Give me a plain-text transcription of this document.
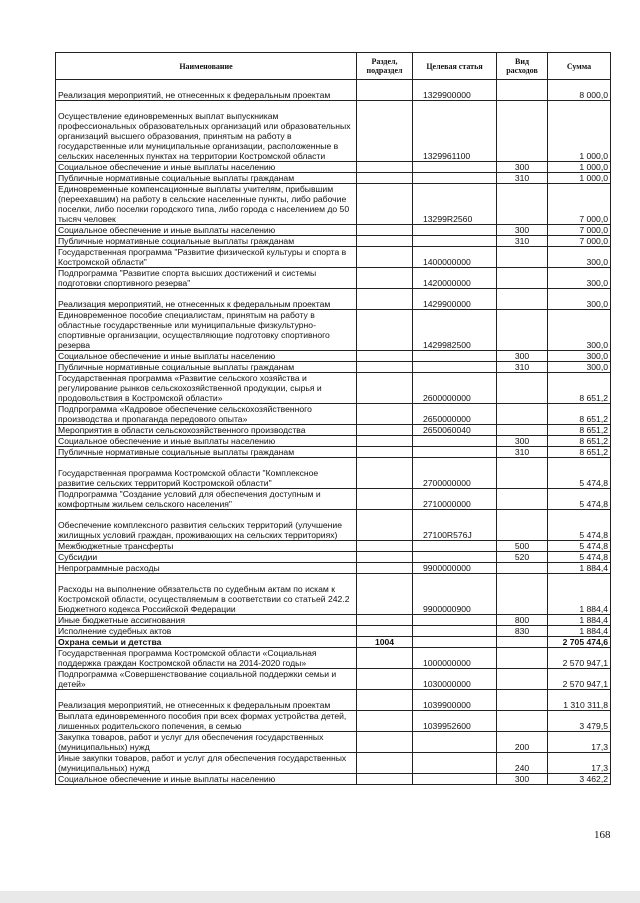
Наименование	Раздел, подраздел	Целевая статья	Вид расходов	Сумма
Реализация мероприятий, не отнесенных к федеральным проектам		1329900000		8 000,0
Осуществление единовременных выплат выпускникам профессиональных образовательных организаций или образовательных организаций высшего образования, принятым на работу в государственные или муниципальные организации, расположенные в сельских населенных пунктах на территории Костромской области		1329961100		1 000,0
Социальное обеспечение и иные выплаты населению			300	1 000,0
Публичные нормативные социальные выплаты гражданам			310	1 000,0
Единовременные компенсационные выплаты учителям, прибывшим (переехавшим) на работу в сельские населенные пункты, либо рабочие поселки, либо поселки городского типа, либо города с населением до 50 тысяч человек		13299R2560		7 000,0
Социальное обеспечение и иные выплаты населению			300	7 000,0
Публичные нормативные социальные выплаты гражданам			310	7 000,0
Государственная программа "Развитие физической культуры и спорта в Костромской области"		1400000000		300,0
Подпрограмма "Развитие спорта высших достижений и системы подготовки спортивного резерва"		1420000000		300,0
Реализация мероприятий, не отнесенных к федеральным проектам		1429900000		300,0
Единовременное пособие специалистам, принятым на работу в областные государственные или муниципальные физкультурно-спортивные организации, осуществляющие подготовку спортивного резерва		1429982500		300,0
Социальное обеспечение и иные выплаты населению			300	300,0
Публичные нормативные социальные выплаты гражданам			310	300,0
Государственная программа «Развитие сельского хозяйства и регулирование рынков сельскохозяйственной продукции, сырья и продовольствия в Костромской области»		2600000000		8 651,2
Подпрограмма «Кадровое обеспечение сельскохозяйственного производства и пропаганда передового опыта»		2650000000		8 651,2
Мероприятия в области сельскохозяйственного производства		2650060040		8 651,2
Социальное обеспечение и иные выплаты населению			300	8 651,2
Публичные нормативные социальные выплаты гражданам			310	8 651,2
Государственная программа Костромской области "Комплексное развитие сельских территорий Костромской области"		2700000000		5 474,8
Подпрограмма "Создание условий для обеспечения доступным и комфортным жильем сельского населения"		2710000000		5 474,8
Обеспечение комплексного развития сельских территорий (улучшение жилищных условий граждан, проживающих на сельских территориях)		27100R576J		5 474,8
Межбюджетные трансферты			500	5 474,8
Субсидии			520	5 474,8
Непрограммные расходы		9900000000		1 884,4
Расходы на выполнение обязательств по судебным актам по искам к Костромской области, осуществляемым в соответствии со статьей 242.2 Бюджетного кодекса Российской Федерации		9900000900		1 884,4
Иные бюджетные ассигнования			800	1 884,4
Исполнение судебных актов			830	1 884,4
Охрана семьи и детства	1004			2 705 474,6
Государственная программа Костромской области «Социальная поддержка граждан Костромской области на 2014-2020 годы»		1000000000		2 570 947,1
Подпрограмма «Совершенствование социальной поддержки семьи и детей»		1030000000		2 570 947,1
Реализация мероприятий, не отнесенных к федеральным проектам		1039900000		1 310 311,8
Выплата единовременного пособия при всех формах устройства детей, лишенных родительского попечения, в семью		1039952600		3 479,5
Закупка товаров, работ и услуг для обеспечения государственных (муниципальных) нужд			200	17,3
Иные закупки товаров, работ и услуг для обеспечения государственных (муниципальных) нужд			240	17,3
Социальное обеспечение и иные выплаты населению			300	3 462,2
168
